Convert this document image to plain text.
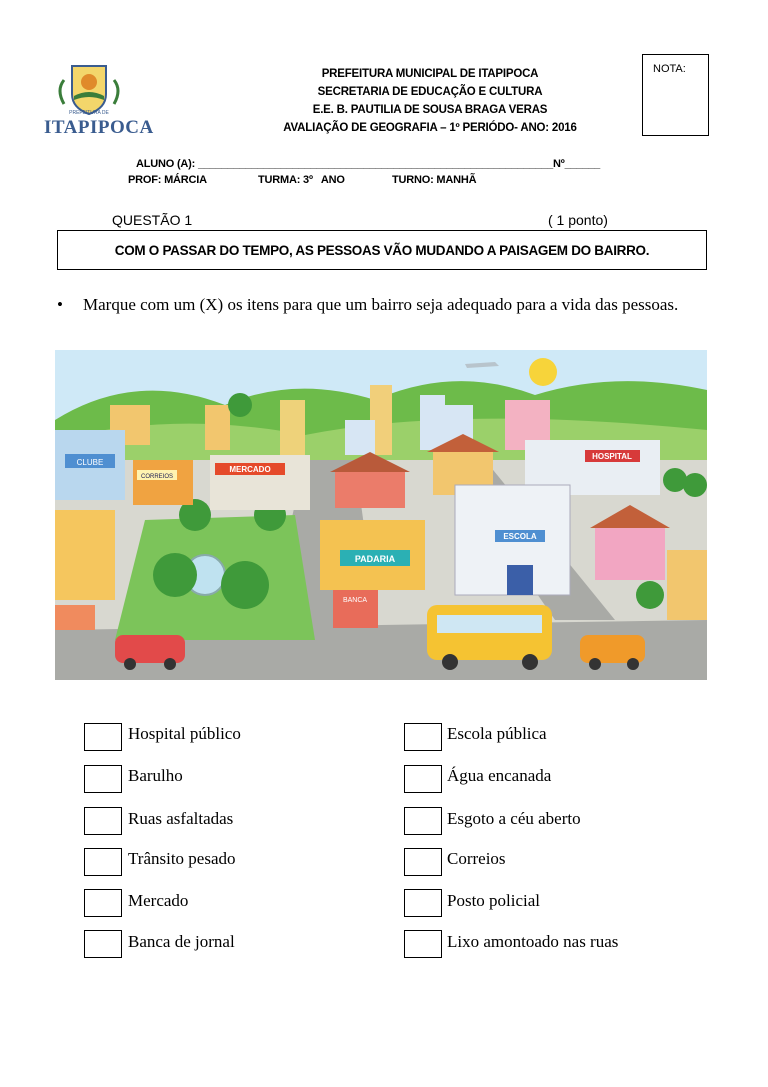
PREFEITURA DE
ITAPIPOCA
PREFEITURA MUNICIPAL DE ITAPIPOCA
SECRETARIA DE EDUCAÇÃO E CULTURA
E.E. B. PAUTILIA DE SOUSA BRAGA VERAS
AVALIAÇÃO DE GEOGRAFIA – 1º PERIÓDO- ANO: 2016
NOTA:
ALUNO (A): ____________________________________________________________Nº______
PROF: MÁRCIA	TURMA: 3º   ANO	TURNO: MANHÃ
QUESTÃO 1	( 1 ponto)
COM O PASSAR DO TEMPO, AS PESSOAS VÃO MUDANDO A PAISAGEM DO BAIRRO.
• Marque com um (X) os itens para que um bairro seja adequado para a vida das pessoas.
CLUBE
CORREIOS
MERCADO
HOSPITAL
PADARIA
BANCA
ESCOLA
Hospital público
Barulho
Ruas asfaltadas
Trânsito pesado
Mercado
Banca de jornal
Escola pública
Água encanada
Esgoto a céu aberto
Correios
Posto policial
Lixo amontoado nas ruas
